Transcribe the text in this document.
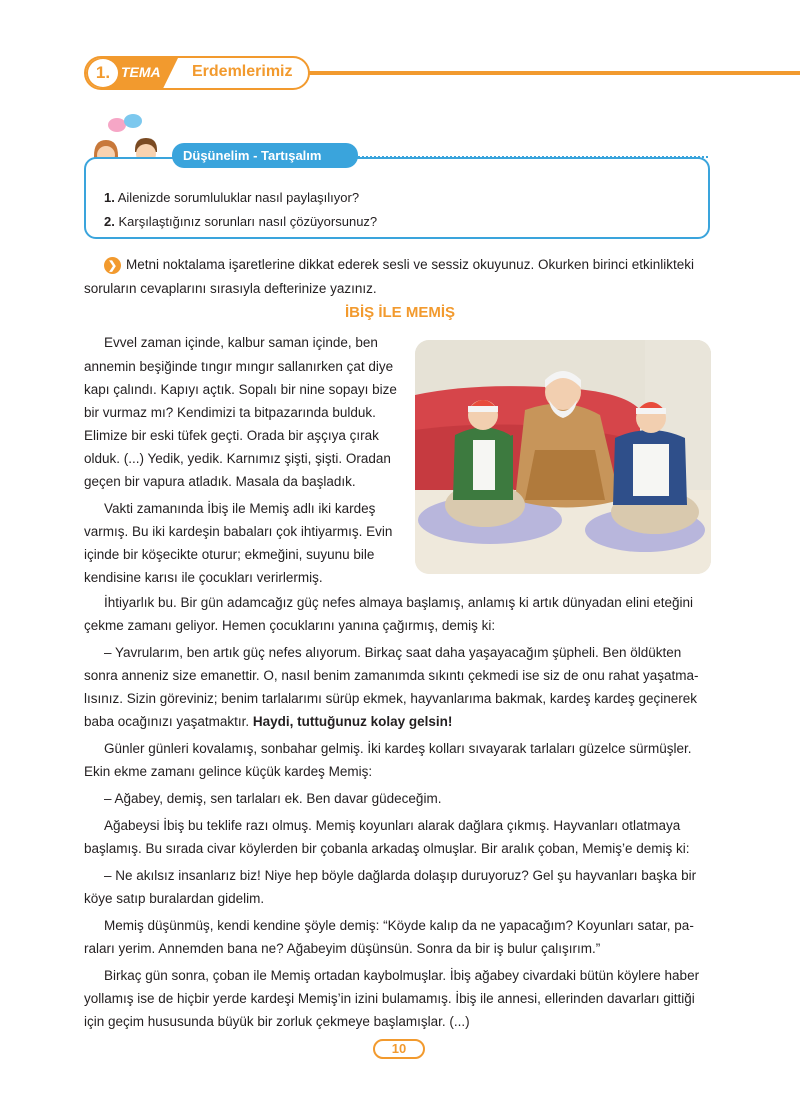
1. TEMA Erdemlerimiz
Düşünelim - Tartışalım
1. Ailenizde sorumluluklar nasıl paylaşılıyor?
2. Karşılaştığınız sorunları nasıl çözüyorsunuz?
❯ Metni noktalama işaretlerine dikkat ederek sesli ve sessiz okuyunuz. Okurken birinci etkinlikteki
soruların cevaplarını sırasıyla defterinize yazınız.
İBİŞ İLE MEMİŞ
Evvel zaman içinde, kalbur saman içinde, ben
annemin beşiğinde tıngır mıngır sallanırken çat diye
kapı çalındı. Kapıyı açtık. Sopalı bir nine sopayı bize
bir vurmaz mı? Kendimizi ta bitpazarında bulduk.
Elimize bir eski tüfek geçti. Orada bir aşçıya çırak
olduk. (...) Yedik, yedik. Karnımız şişti, şişti. Oradan
geçen bir vapura atladık. Masala da başladık.
Vakti zamanında İbiş ile Memiş adlı iki kardeş
varmış. Bu iki kardeşin babaları çok ihtiyarmış. Evin
içinde bir köşecikte oturur; ekmeğini, suyunu bile
kendisine karısı ile çocukları verirlermiş.
İhtiyarlık bu. Bir gün adamcağız güç nefes almaya başlamış, anlamış ki artık dünyadan elini eteğini
çekme zamanı geliyor. Hemen çocuklarını yanına çağırmış, demiş ki:
– Yavrularım, ben artık güç nefes alıyorum. Birkaç saat daha yaşayacağım şüpheli. Ben öldükten
sonra anneniz size emanettir. O, nasıl benim zamanımda sıkıntı çekmedi ise siz de onu rahat yaşatma-
lısınız. Sizin göreviniz; benim tarlalarımı sürüp ekmek, hayvanlarıma bakmak, kardeş kardeş geçinerek
baba ocağınızı yaşatmaktır. Haydi, tuttuğunuz kolay gelsin!
Günler günleri kovalamış, sonbahar gelmiş. İki kardeş kolları sıvayarak tarlaları güzelce sürmüşler.
Ekin ekme zamanı gelince küçük kardeş Memiş:
– Ağabey, demiş, sen tarlaları ek. Ben davar güdeceğim.
Ağabeysi İbiş bu teklife razı olmuş. Memiş koyunları alarak dağlara çıkmış. Hayvanları otlatmaya
başlamış. Bu sırada civar köylerden bir çobanla arkadaş olmuşlar. Bir aralık çoban, Memiş’e demiş ki:
– Ne akılsız insanlarız biz! Niye hep böyle dağlarda dolaşıp duruyoruz? Gel şu hayvanları başka bir
köye satıp buralardan gidelim.
Memiş düşünmüş, kendi kendine şöyle demiş: “Köyde kalıp da ne yapacağım? Koyunları satar, pa-
raları yerim. Annemden bana ne? Ağabeyim düşünsün. Sonra da bir iş bulur çalışırım.”
Birkaç gün sonra, çoban ile Memiş ortadan kaybolmuşlar. İbiş ağabey civardaki bütün köylere haber
yollamış ise de hiçbir yerde kardeşi Memiş’in izini bulamamış. İbiş ile annesi, ellerinden davarları gittiği
için geçim hususunda büyük bir zorluk çekmeye başlamışlar. (...)
10
